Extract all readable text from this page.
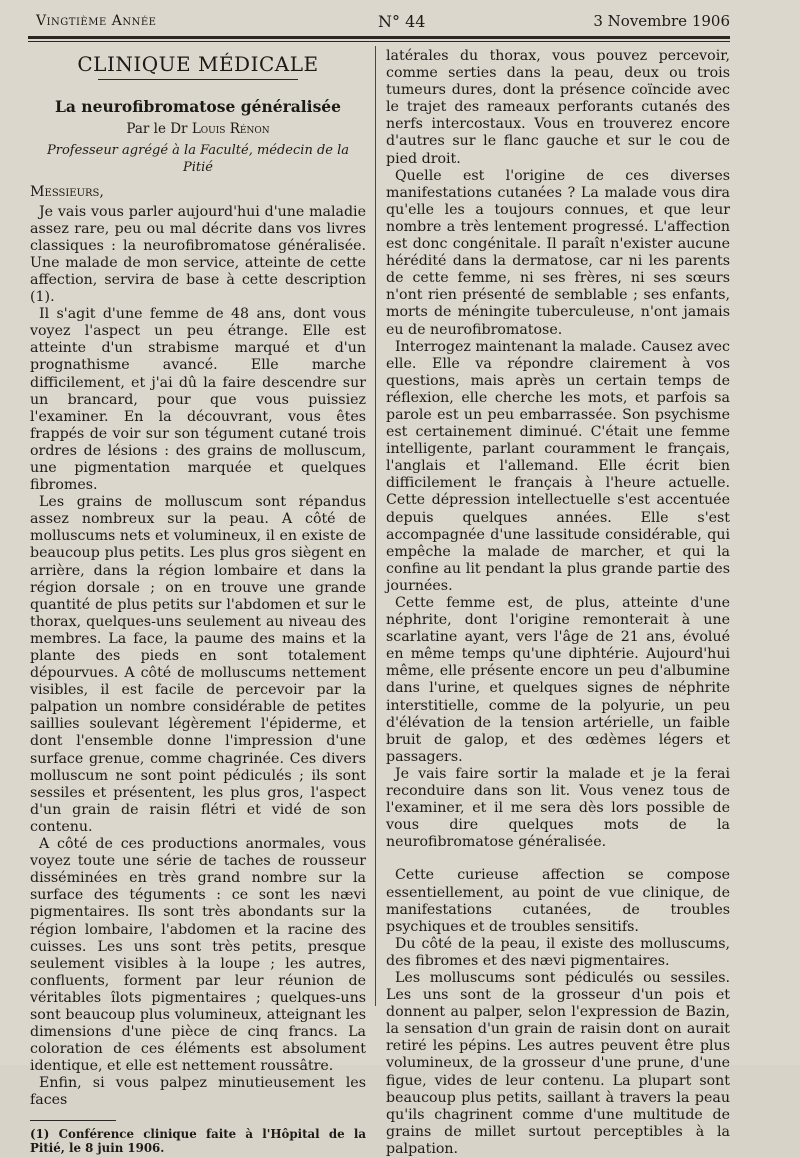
Vingtième Année	N° 44	3 Novembre 1906
CLINIQUE MÉDICALE
La neurofibromatose généralisée
Par le Dr Louis Rénon
Professeur agrégé à la Faculté, médecin de la Pitié

Messieurs,

Je vais vous parler aujourd'hui d'une maladie assez rare, peu ou mal décrite dans vos livres classiques : la neurofibromatose généralisée. Une malade de mon service, atteinte de cette affection, servira de base à cette description (1).

Il s'agit d'une femme de 48 ans, dont vous voyez l'aspect un peu étrange. Elle est atteinte d'un strabisme marqué et d'un prognathisme avancé. Elle marche difficilement, et j'ai dû la faire descendre sur un brancard, pour que vous puissiez l'examiner. En la découvrant, vous êtes frappés de voir sur son tégument cutané trois ordres de lésions : des grains de molluscum, une pigmentation marquée et quelques fibromes.

Les grains de molluscum sont répandus assez nombreux sur la peau. A côté de molluscums nets et volumineux, il en existe de beaucoup plus petits. Les plus gros siègent en arrière, dans la région lombaire et dans la région dorsale ; on en trouve une grande quantité de plus petits sur l'abdomen et sur le thorax, quelques-uns seulement au niveau des membres. La face, la paume des mains et la plante des pieds en sont totalement dépourvues. A côté de molluscums nettement visibles, il est facile de percevoir par la palpation un nombre considérable de petites saillies soulevant légèrement l'épiderme, et dont l'ensemble donne l'impression d'une surface grenue, comme chagrinée. Ces divers molluscum ne sont point pédiculés ; ils sont sessiles et présentent, les plus gros, l'aspect d'un grain de raisin flétri et vidé de son contenu.

A côté de ces productions anormales, vous voyez toute une série de taches de rousseur disséminées en très grand nombre sur la surface des téguments : ce sont les nævi pigmentaires. Ils sont très abondants sur la région lombaire, l'abdomen et la racine des cuisses. Les uns sont très petits, presque seulement visibles à la loupe ; les autres, confluents, forment par leur réunion de véritables îlots pigmentaires ; quelques-uns sont beaucoup plus volumineux, atteignant les dimensions d'une pièce de cinq francs. La coloration de ces éléments est absolument identique, et elle est nettement roussâtre.

Enfin, si vous palpez minutieusement les faces

(1) Conférence clinique faite à l'Hôpital de la Pitié, le 8 juin 1906.

latérales du thorax, vous pouvez percevoir, comme serties dans la peau, deux ou trois tumeurs dures, dont la présence coïncide avec le trajet des rameaux perforants cutanés des nerfs intercostaux. Vous en trouverez encore d'autres sur le flanc gauche et sur le cou de pied droit.

Quelle est l'origine de ces diverses manifestations cutanées ? La malade vous dira qu'elle les a toujours connues, et que leur nombre a très lentement progressé. L'affection est donc congénitale. Il paraît n'exister aucune hérédité dans la dermatose, car ni les parents de cette femme, ni ses frères, ni ses sœurs n'ont rien présenté de semblable ; ses enfants, morts de méningite tuberculeuse, n'ont jamais eu de neurofibromatose.

Interrogez maintenant la malade. Causez avec elle. Elle va répondre clairement à vos questions, mais après un certain temps de réflexion, elle cherche les mots, et parfois sa parole est un peu embarrassée. Son psychisme est certainement diminué. C'était une femme intelligente, parlant couramment le français, l'anglais et l'allemand. Elle écrit bien difficilement le français à l'heure actuelle. Cette dépression intellectuelle s'est accentuée depuis quelques années. Elle s'est accompagnée d'une lassitude considérable, qui empêche la malade de marcher, et qui la confine au lit pendant la plus grande partie des journées.

Cette femme est, de plus, atteinte d'une néphrite, dont l'origine remonterait à une scarlatine ayant, vers l'âge de 21 ans, évolué en même temps qu'une diphtérie. Aujourd'hui même, elle présente encore un peu d'albumine dans l'urine, et quelques signes de néphrite interstitielle, comme de la polyurie, un peu d'élévation de la tension artérielle, un faible bruit de galop, et des œdèmes légers et passagers.

Je vais faire sortir la malade et je la ferai reconduire dans son lit. Vous venez tous de l'examiner, et il me sera dès lors possible de vous dire quelques mots de la neurofibromatose généralisée.

Cette curieuse affection se compose essentiellement, au point de vue clinique, de manifestations cutanées, de troubles psychiques et de troubles sensitifs.

Du côté de la peau, il existe des molluscums, des fibromes et des nævi pigmentaires.

Les molluscums sont pédiculés ou sessiles. Les uns sont de la grosseur d'un pois et donnent au palper, selon l'expression de Bazin, la sensation d'un grain de raisin dont on aurait retiré les pépins. Les autres peuvent être plus volumineux, de la grosseur d'une prune, d'une figue, vides de leur contenu. La plupart sont beaucoup plus petits, saillant à travers la peau qu'ils chagrinent comme d'une multitude de grains de millet surtout perceptibles à la palpation.
